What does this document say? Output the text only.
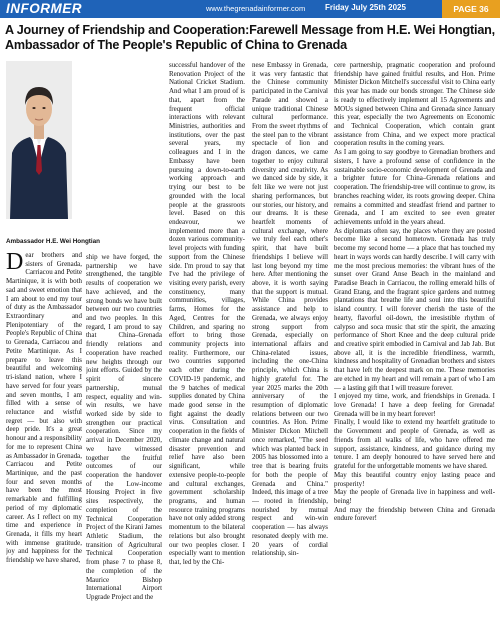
INFORMER	www.thegrenadainformer.com Friday July 25th 2025	PAGE 36
A Journey of Friendship and Cooperation:Farewell Message from H.E. Wei Hongtian, Ambassador of The People's Republic of China to Grenada
Ambassador H.E. Wei Hongtian
Dear brothers and sisters of Grenada, Carriacou and Petite Martinique, it is with both sad and sweet emotion that I am about to end my tour of duty as the Ambassador Extraordinary and Plenipotentiary of the People's Republic of China to Grenada, Carriacou and Petite Martinique. As I prepare to leave this beautiful and welcoming tri-island nation, where I have served for four years and seven months, I am filled with a sense of reluctance and wistful regret — but also with deep pride. It's a great honour and a responsibility for me to represent China as Ambassador in Grenada, Carriacou and Petite Martinique, and the past four and seven months have been the most remarkable and fulfilling period of my diplomatic career. As I reflect on my time and experience in Grenada, it fills my heart with immense gratitude, joy and happiness for the friendship we have shared,
ship we have forged, the partnership we have strengthened, the tangible results of cooperation we have achieved, and the strong bonds we have built between our two countries and two peoples. In this regard, I am proud to say that China–Grenada friendly relations and cooperation have reached new heights through our joint efforts. Guided by the spirit of sincere partnership, mutual respect, equality and win-win results, we have worked side by side to strengthen our practical cooperation. Since my arrival in December 2020, we have witnessed together the fruitful outcomes of our cooperation the handover of the Low-income Housing Project in five sites respectively, the completion of the Technical Cooperation Project of the Kirani James Athletic Stadium, the transition of Agricultural Technical Cooperation from phase 7 to phase 8, the completion of the Maurice Bishop International Airport Upgrade Project and the
successful handover of the Renovation Project of the National Cricket Stadium. And what I am proud of is that, apart from the frequent official interactions with relevant Ministries, authorities and institutions, over the past several years, my colleagues and I in the Embassy have been pursuing a down-to-earth working approach and trying our best to be grounded with the local people at the grassroots level. Based on this endeavour, we implemented more than a dozen various community-level projects with funding support from the Chinese side. I'm proud to say that I've had the privilege of visiting every parish, every constituency, many communities, villages, farms, Homes for the Aged, Centres for the Children, and sparing no effort to bring those community projects into reality. Furthermore, our two countries supported each other during the COVID-19 pandemic, and the 9 batches of medical supplies donated by China made good sense in the fight against the deadly virus. Consultation and cooperation in the fields of climate change and natural disaster prevention and relief have also been significant, while extensive people-to-people and cultural exchanges, government scholarship programs, and human resource training programs have not only added strong momentum to the bilateral relations but also brought our two peoples closer. I especially want to mention that, led by the Chi-
nese Embassy in Grenada, it was very fantastic that the Chinese community participated in the Carnival Parade and showed a unique traditional Chinese cultural performance. From the sweet rhythms of the steel pan to the vibrant spectacle of lion and dragon dances, we came together to enjoy cultural diversity and creativity. As we danced side by side, it felt like we were not just sharing performances, but our stories, our history, and our dreams. It is these heartfelt moments of cultural exchange, where we truly feel each other's spirit, that have built friendships I believe will last long beyond my time here. After mentioning the above, it is worth saying that the support is mutual. While China provides assistance and help to Grenada, we always enjoy strong support from Grenada, especially on international affairs and China-related issues, including the one-China principle, which China is highly grateful for. The year 2025 marks the 20th anniversary of the resumption of diplomatic relations between our two countries. As Hon. Prime Minister Dickon Mitchell once remarked, "The seed which was planted back in 2005 has blossomed into a tree that is bearing fruits for both the people of Grenada and China." Indeed, this image of a tree — rooted in friendship, nourished by mutual respect and win-win cooperation — has always resonated deeply with me. 20 years of cordial relationship, sin-

cere partnership, pragmatic cooperation and profound friendship have gained fruitful results, and Hon. Prime Minister Dickon Mitchell's successful visit to China early this year has made our bonds stronger. The Chinese side is ready to effectively implement all 15 Agreements and MOUs signed between China and Grenada since January this year, especially the two Agreements on Economic and Technical Cooperation, which contain grant assistance from China, and we expect more practical cooperation results in the coming years.

As I am going to say goodbye to Grenadian brothers and sisters, I have a profound sense of confidence in the sustainable socio-economic development of Grenada and a brighter future for China–Grenada relations and cooperation. The friendship-tree will continue to grow, its branches reaching wider, its roots growing deeper. China remains a committed and steadfast friend and partner to Grenada, and I am excited to see even greater achievements unfold in the years ahead.

As diplomats often say, the places where they are posted become like a second hometown. Grenada has truly become my second home — a place that has touched my heart in ways words can hardly describe. I will carry with me the most precious memories: the vibrant hues of the sunset over Grand Anse Beach in the mainland and Paradise Beach in Carriacou, the rolling emerald hills of Grand Etang, and the fragrant spice gardens and nutmeg plantations that breathe life and soul into this beautiful island country. I will forever cherish the taste of the hearty, flavorful oil-down, the irresistible rhythm of calypso and soca music that stir the spirit, the amazing performance of Short Knee and the deep cultural pride and creative spirit embodied in Carnival and Jab Jab. But above all, it is the incredible friendliness, warmth, kindness and hospitality of Grenadian brothers and sisters that have left the deepest mark on me. These memories are etched in my heart and will remain a part of who I am — a lasting gift that I will treasure forever.

I enjoyed my time, work, and friendships in Grenada. I love Grenada! I have a deep feeling for Grenada! Grenada will be in my heart forever!

Finally, I would like to extend my heartfelt gratitude to the Government and people of Grenada, as well as friends from all walks of life, who have offered me support, assistance, kindness, and guidance during my tenure. I am deeply honoured to have served here and grateful for the unforgettable moments we have shared.

May this beautiful country enjoy lasting peace and prosperity!

May the people of Grenada live in happiness and well-being!

And may the friendship between China and Grenada endure forever!
